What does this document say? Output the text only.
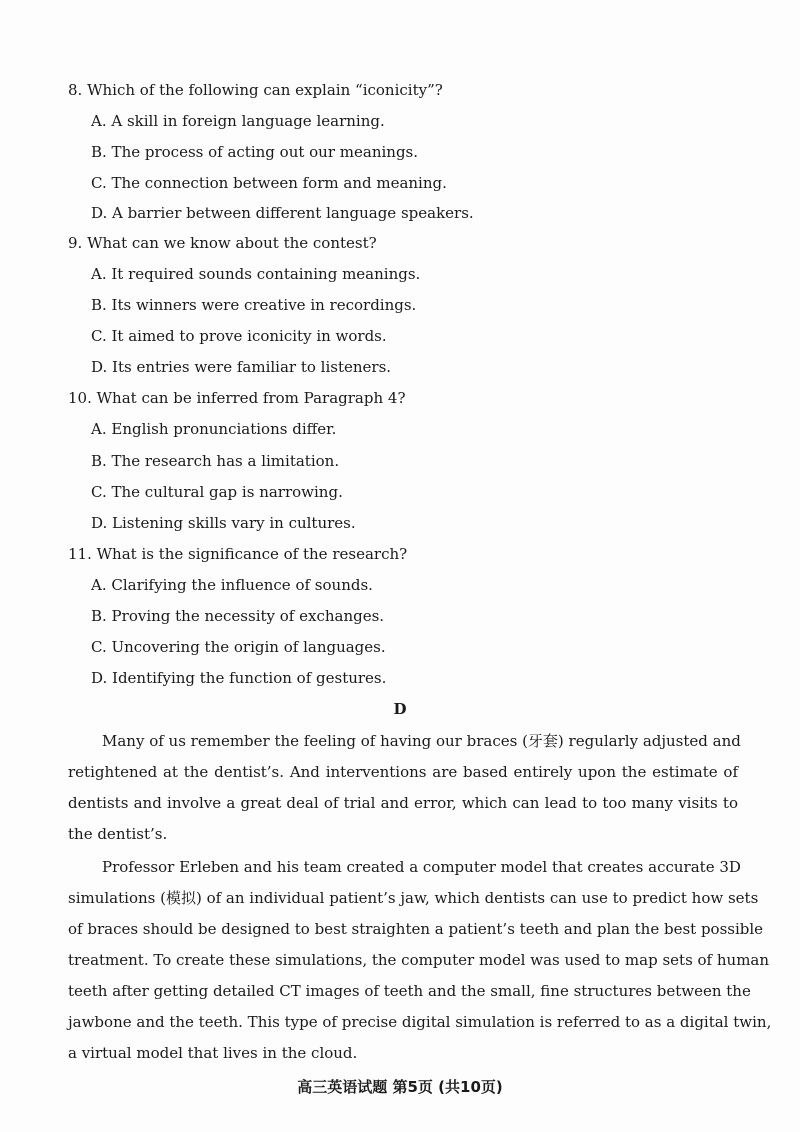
8. Which of the following can explain “iconicity”?
A. A skill in foreign language learning.
B. The process of acting out our meanings.
C. The connection between form and meaning.
D. A barrier between different language speakers.
9. What can we know about the contest?
A. It required sounds containing meanings.
B. Its winners were creative in recordings.
C. It aimed to prove iconicity in words.
D. Its entries were familiar to listeners.
10. What can be inferred from Paragraph 4?
A. English pronunciations differ.
B. The research has a limitation.
C. The cultural gap is narrowing.
D. Listening skills vary in cultures.
11. What is the significance of the research?
A. Clarifying the influence of sounds.
B. Proving the necessity of exchanges.
C. Uncovering the origin of languages.
D. Identifying the function of gestures.
D
Many of us remember the feeling of having our braces (牙套) regularly adjusted and
retightened at the dentist’s. And interventions are based entirely upon the estimate of
dentists and involve a great deal of trial and error, which can lead to too many visits to
the dentist’s.
Professor Erleben and his team created a computer model that creates accurate 3D
simulations (模拟) of an individual patient’s jaw, which dentists can use to predict how sets
of braces should be designed to best straighten a patient’s teeth and plan the best possible
treatment. To create these simulations, the computer model was used to map sets of human
teeth after getting detailed CT images of teeth and the small, fine structures between the
jawbone and the teeth. This type of precise digital simulation is referred to as a digital twin,
a virtual model that lives in the cloud.
高三英语试题 第5页 (共10页)
